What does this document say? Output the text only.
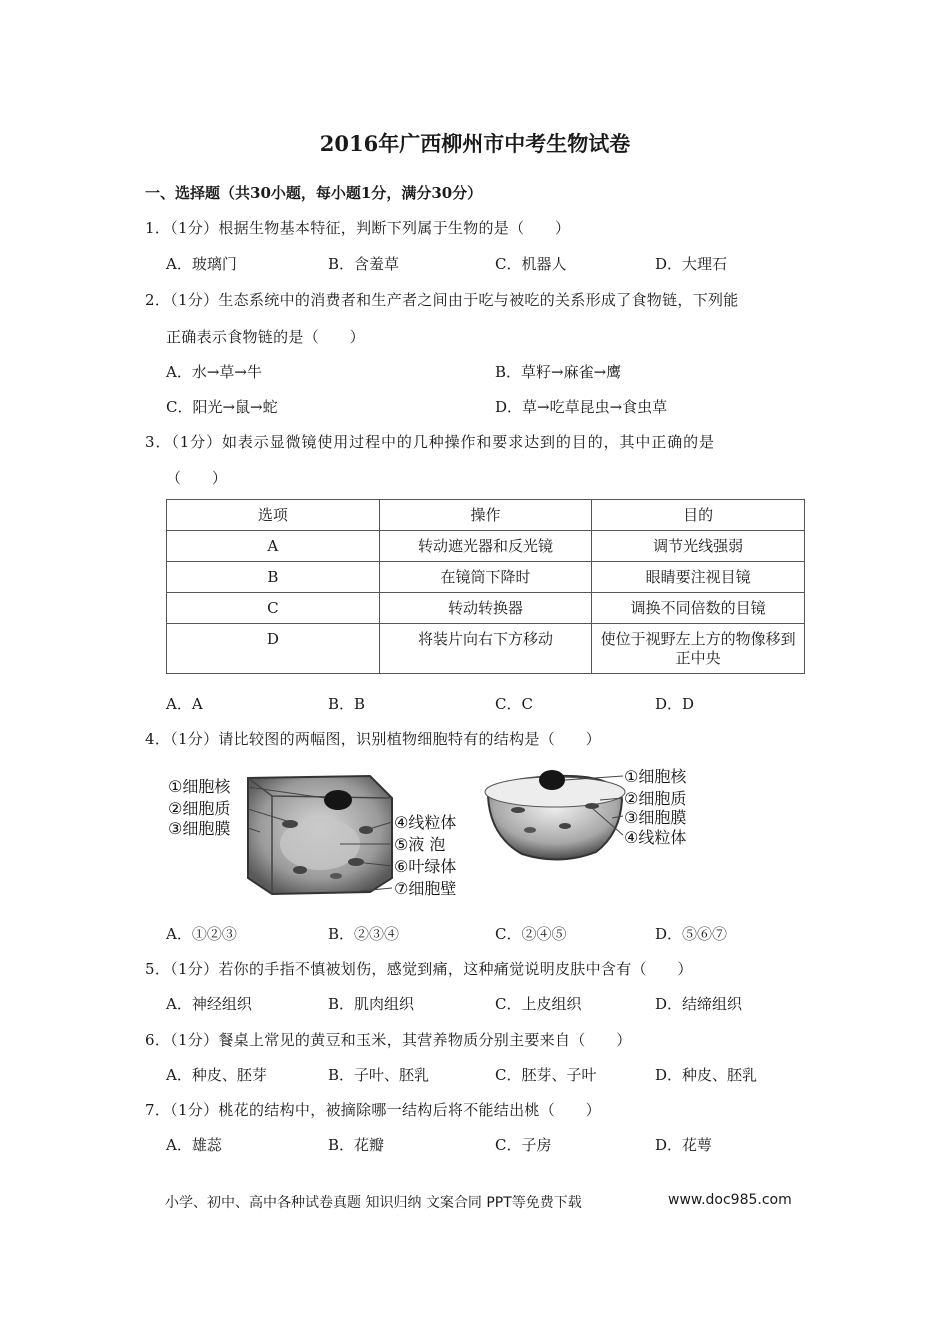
2016年广西柳州市中考生物试卷
一、选择题（共30小题，每小题1分，满分30分）
1．（1分）根据生物基本特征，判断下列属于生物的是（　　）
A．玻璃门	B．含羞草	C．机器人	D．大理石
2．（1分）生态系统中的消费者和生产者之间由于吃与被吃的关系形成了食物链，下列能
正确表示食物链的是（　　）
A．水→草→牛	B．草籽→麻雀→鹰
C．阳光→鼠→蛇	D．草→吃草昆虫→食虫草
3．（1分）如表示显微镜使用过程中的几种操作和要求达到的目的，其中正确的是
（　　）
选项	操作	目的
A	转动遮光器和反光镜	调节光线强弱
B	在镜筒下降时	眼睛要注视目镜
C	转动转换器	调换不同倍数的目镜
D	将装片向右下方移动	使位于视野左上方的物像移到正中央
A．A	B．B	C．C	D．D
4．（1分）请比较图的两幅图，识别植物细胞特有的结构是（　　）
①细胞核
②细胞质
③细胞膜	④线粒体
⑤液 泡
⑥叶绿体
⑦细胞壁
①细胞核
②细胞质
③细胞膜
④线粒体
A．①②③	B．②③④	C．②④⑤	D．⑤⑥⑦
5．（1分）若你的手指不慎被划伤，感觉到痛，这种痛觉说明皮肤中含有（　　）
A．神经组织	B．肌肉组织	C．上皮组织	D．结缔组织
6．（1分）餐桌上常见的黄豆和玉米，其营养物质分别主要来自（　　）
A．种皮、胚芽	B．子叶、胚乳	C．胚芽、子叶	D．种皮、胚乳
7．（1分）桃花的结构中，被摘除哪一结构后将不能结出桃（　　）
A．雄蕊	B．花瓣	C．子房	D．花萼
小学、初中、高中各种试卷真题 知识归纳 文案合同 PPT等免费下载	www.doc985.com
